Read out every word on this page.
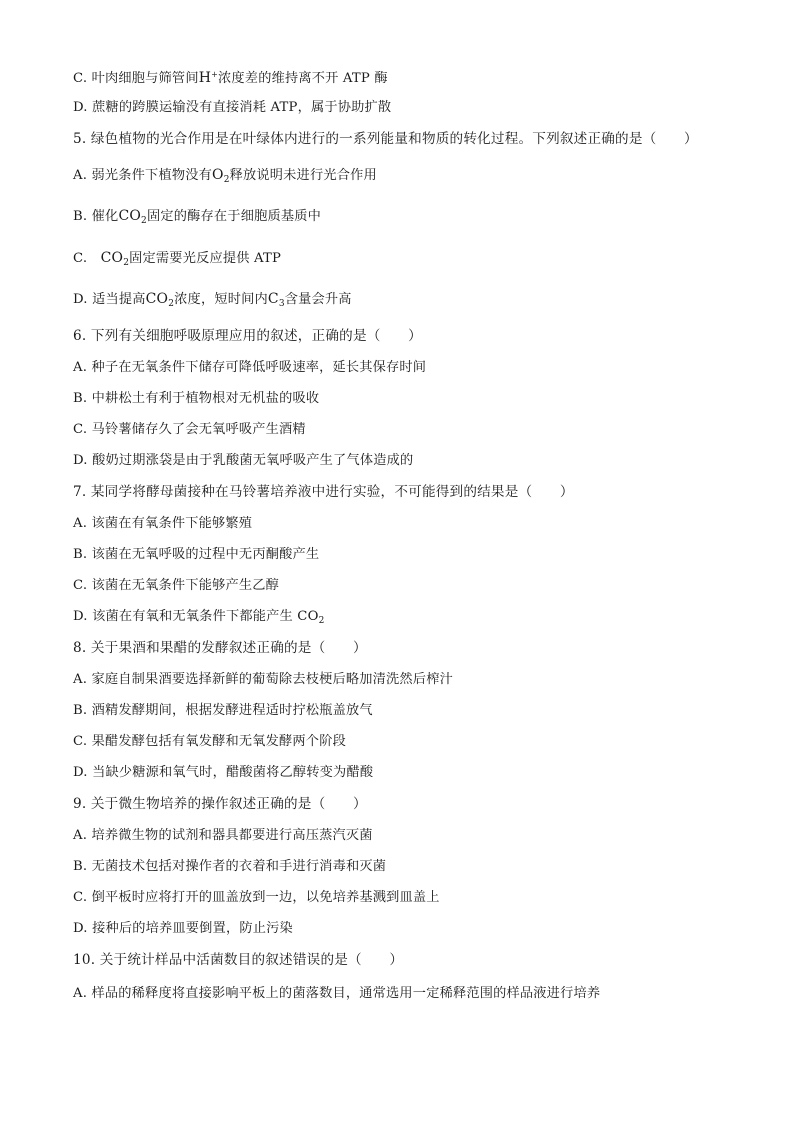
C. 叶肉细胞与筛管间H+浓度差的维持离不开 ATP 酶
D. 蔗糖的跨膜运输没有直接消耗 ATP，属于协助扩散
5. 绿色植物的光合作用是在叶绿体内进行的一系列能量和物质的转化过程。下列叙述正确的是（　　）
A. 弱光条件下植物没有$O_2$释放说明未进行光合作用
B. 催化$CO_2$固定的酶存在于细胞质基质中
C.　$CO_2$固定需要光反应提供 ATP
D. 适当提高$CO_2$浓度，短时间内$C_3$含量会升高
6. 下列有关细胞呼吸原理应用的叙述，正确的是（　　）
A. 种子在无氧条件下储存可降低呼吸速率，延长其保存时间
B. 中耕松土有利于植物根对无机盐的吸收
C. 马铃薯储存久了会无氧呼吸产生酒精
D. 酸奶过期涨袋是由于乳酸菌无氧呼吸产生了气体造成的
7. 某同学将酵母菌接种在马铃薯培养液中进行实验，不可能得到的结果是（　　）
A. 该菌在有氧条件下能够繁殖
B. 该菌在无氧呼吸的过程中无丙酮酸产生
C. 该菌在无氧条件下能够产生乙醇
D. 该菌在有氧和无氧条件下都能产生 $CO_2$
8. 关于果酒和果醋的发酵叙述正确的是（　　）
A. 家庭自制果酒要选择新鲜的葡萄除去枝梗后略加清洗然后榨汁
B. 酒精发酵期间，根据发酵进程适时拧松瓶盖放气
C. 果醋发酵包括有氧发酵和无氧发酵两个阶段
D. 当缺少糖源和氧气时，醋酸菌将乙醇转变为醋酸
9. 关于微生物培养的操作叙述正确的是（　　）
A. 培养微生物的试剂和器具都要进行高压蒸汽灭菌
B. 无菌技术包括对操作者的衣着和手进行消毒和灭菌
C. 倒平板时应将打开的皿盖放到一边，以免培养基溅到皿盖上
D. 接种后的培养皿要倒置，防止污染
10. 关于统计样品中活菌数目的叙述错误的是（　　）
A. 样品的稀释度将直接影响平板上的菌落数目，通常选用一定稀释范围的样品液进行培养
